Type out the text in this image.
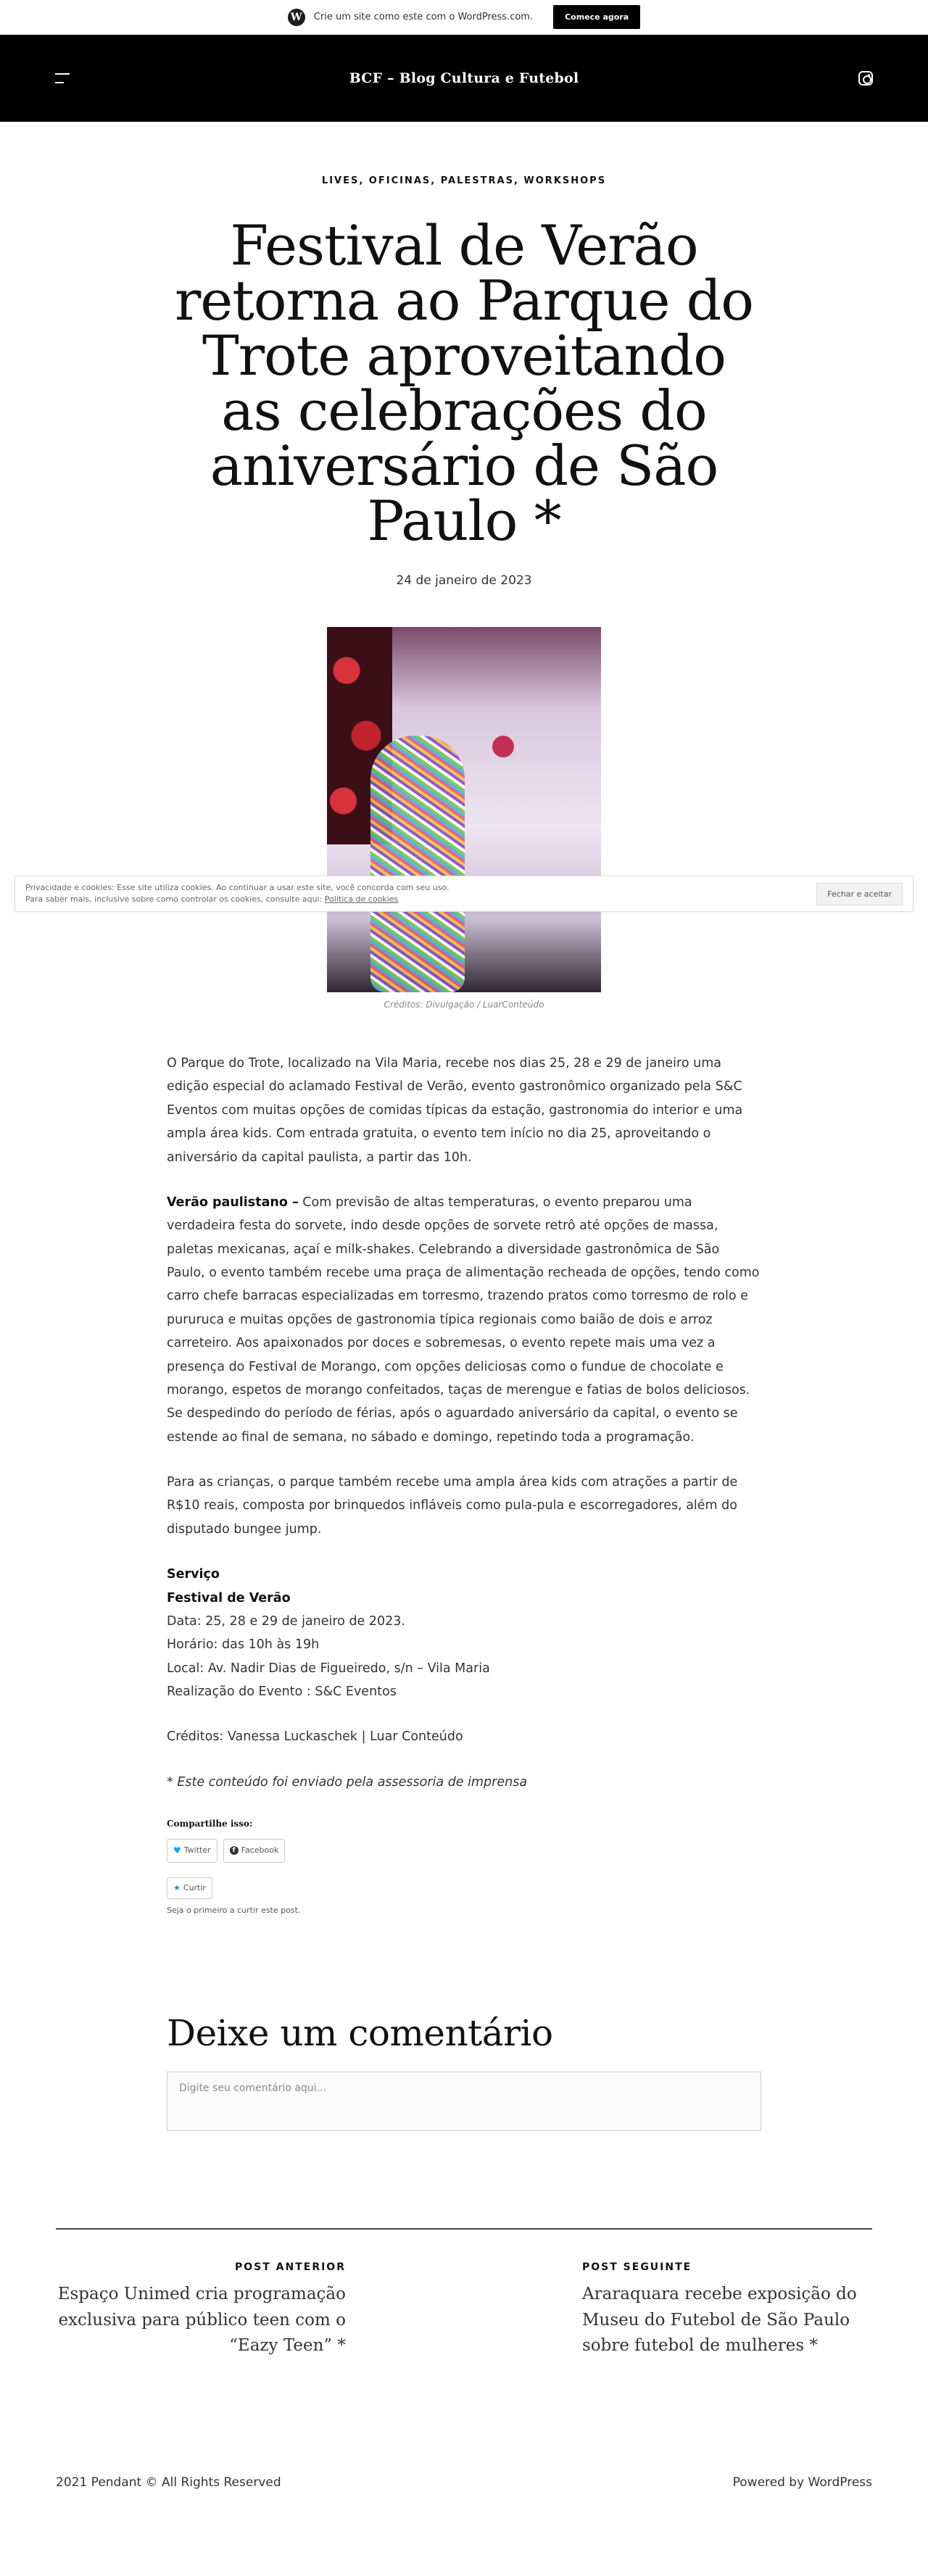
W	Crie um site como este com o WordPress.com.	Comece agora
BCF – Blog Cultura e Futebol
LIVES, OFICINAS, PALESTRAS, WORKSHOPS
Festival de Verão retorna ao Parque do Trote aproveitando as celebrações do aniversário de São Paulo *
24 de janeiro de 2023
Créditos: Divulgação / LuarConteúdo

Privacidade e cookies: Esse site utiliza cookies. Ao continuar a usar este site, você concorda com seu uso.

Para saber mais, inclusive sobre como controlar os cookies, consulte aqui: Política de cookies

Fechar e aceitar

O Parque do Trote, localizado na Vila Maria, recebe nos dias 25, 28 e 29 de janeiro uma edição especial do aclamado Festival de Verão, evento gastronômico organizado pela S&C Eventos com muitas opções de comidas típicas da estação, gastronomia do interior e uma ampla área kids. Com entrada gratuita, o evento tem início no dia 25, aproveitando o aniversário da capital paulista, a partir das 10h.

Verão paulistano – Com previsão de altas temperaturas, o evento preparou uma verdadeira festa do sorvete, indo desde opções de sorvete retrô até opções de massa, paletas mexicanas, açaí e milk-shakes. Celebrando a diversidade gastronômica de São Paulo, o evento também recebe uma praça de alimentação recheada de opções, tendo como carro chefe barracas especializadas em torresmo, trazendo pratos como torresmo de rolo e pururuca e muitas opções de gastronomia típica regionais como baião de dois e arroz carreteiro. Aos apaixonados por doces e sobremesas, o evento repete mais uma vez a presença do Festival de Morango, com opções deliciosas como o fundue de chocolate e morango, espetos de morango confeitados, taças de merengue e fatias de bolos deliciosos. Se despedindo do período de férias, após o aguardado aniversário da capital, o evento se estende ao final de semana, no sábado e domingo, repetindo toda a programação.

Para as crianças, o parque também recebe uma ampla área kids com atrações a partir de R$10 reais, composta por brinquedos infláveis como pula-pula e escorregadores, além do disputado bungee jump.

Serviço

Festival de Verão

Data: 25, 28 e 29 de janeiro de 2023.

Horário: das 10h às 19h

Local: Av. Nadir Dias de Figueiredo, s/n – Vila Maria

Realização do Evento : S&C Eventos

Créditos: Vanessa Luckaschek | Luar Conteúdo

* Este conteúdo foi enviado pela assessoria de imprensa

Compartilhe isso:
♥ Twitter	f Facebook
★ Curtir
Seja o primeiro a curtir este post.
Deixe um comentário
Digite seu comentário aqui...
POST ANTERIOR
Espaço Unimed cria programação exclusiva para público teen com o “Eazy Teen” *
POST SEGUINTE
Araraquara recebe exposição do Museu do Futebol de São Paulo sobre futebol de mulheres *
2021 Pendant © All Rights Reserved	Powered by WordPress
